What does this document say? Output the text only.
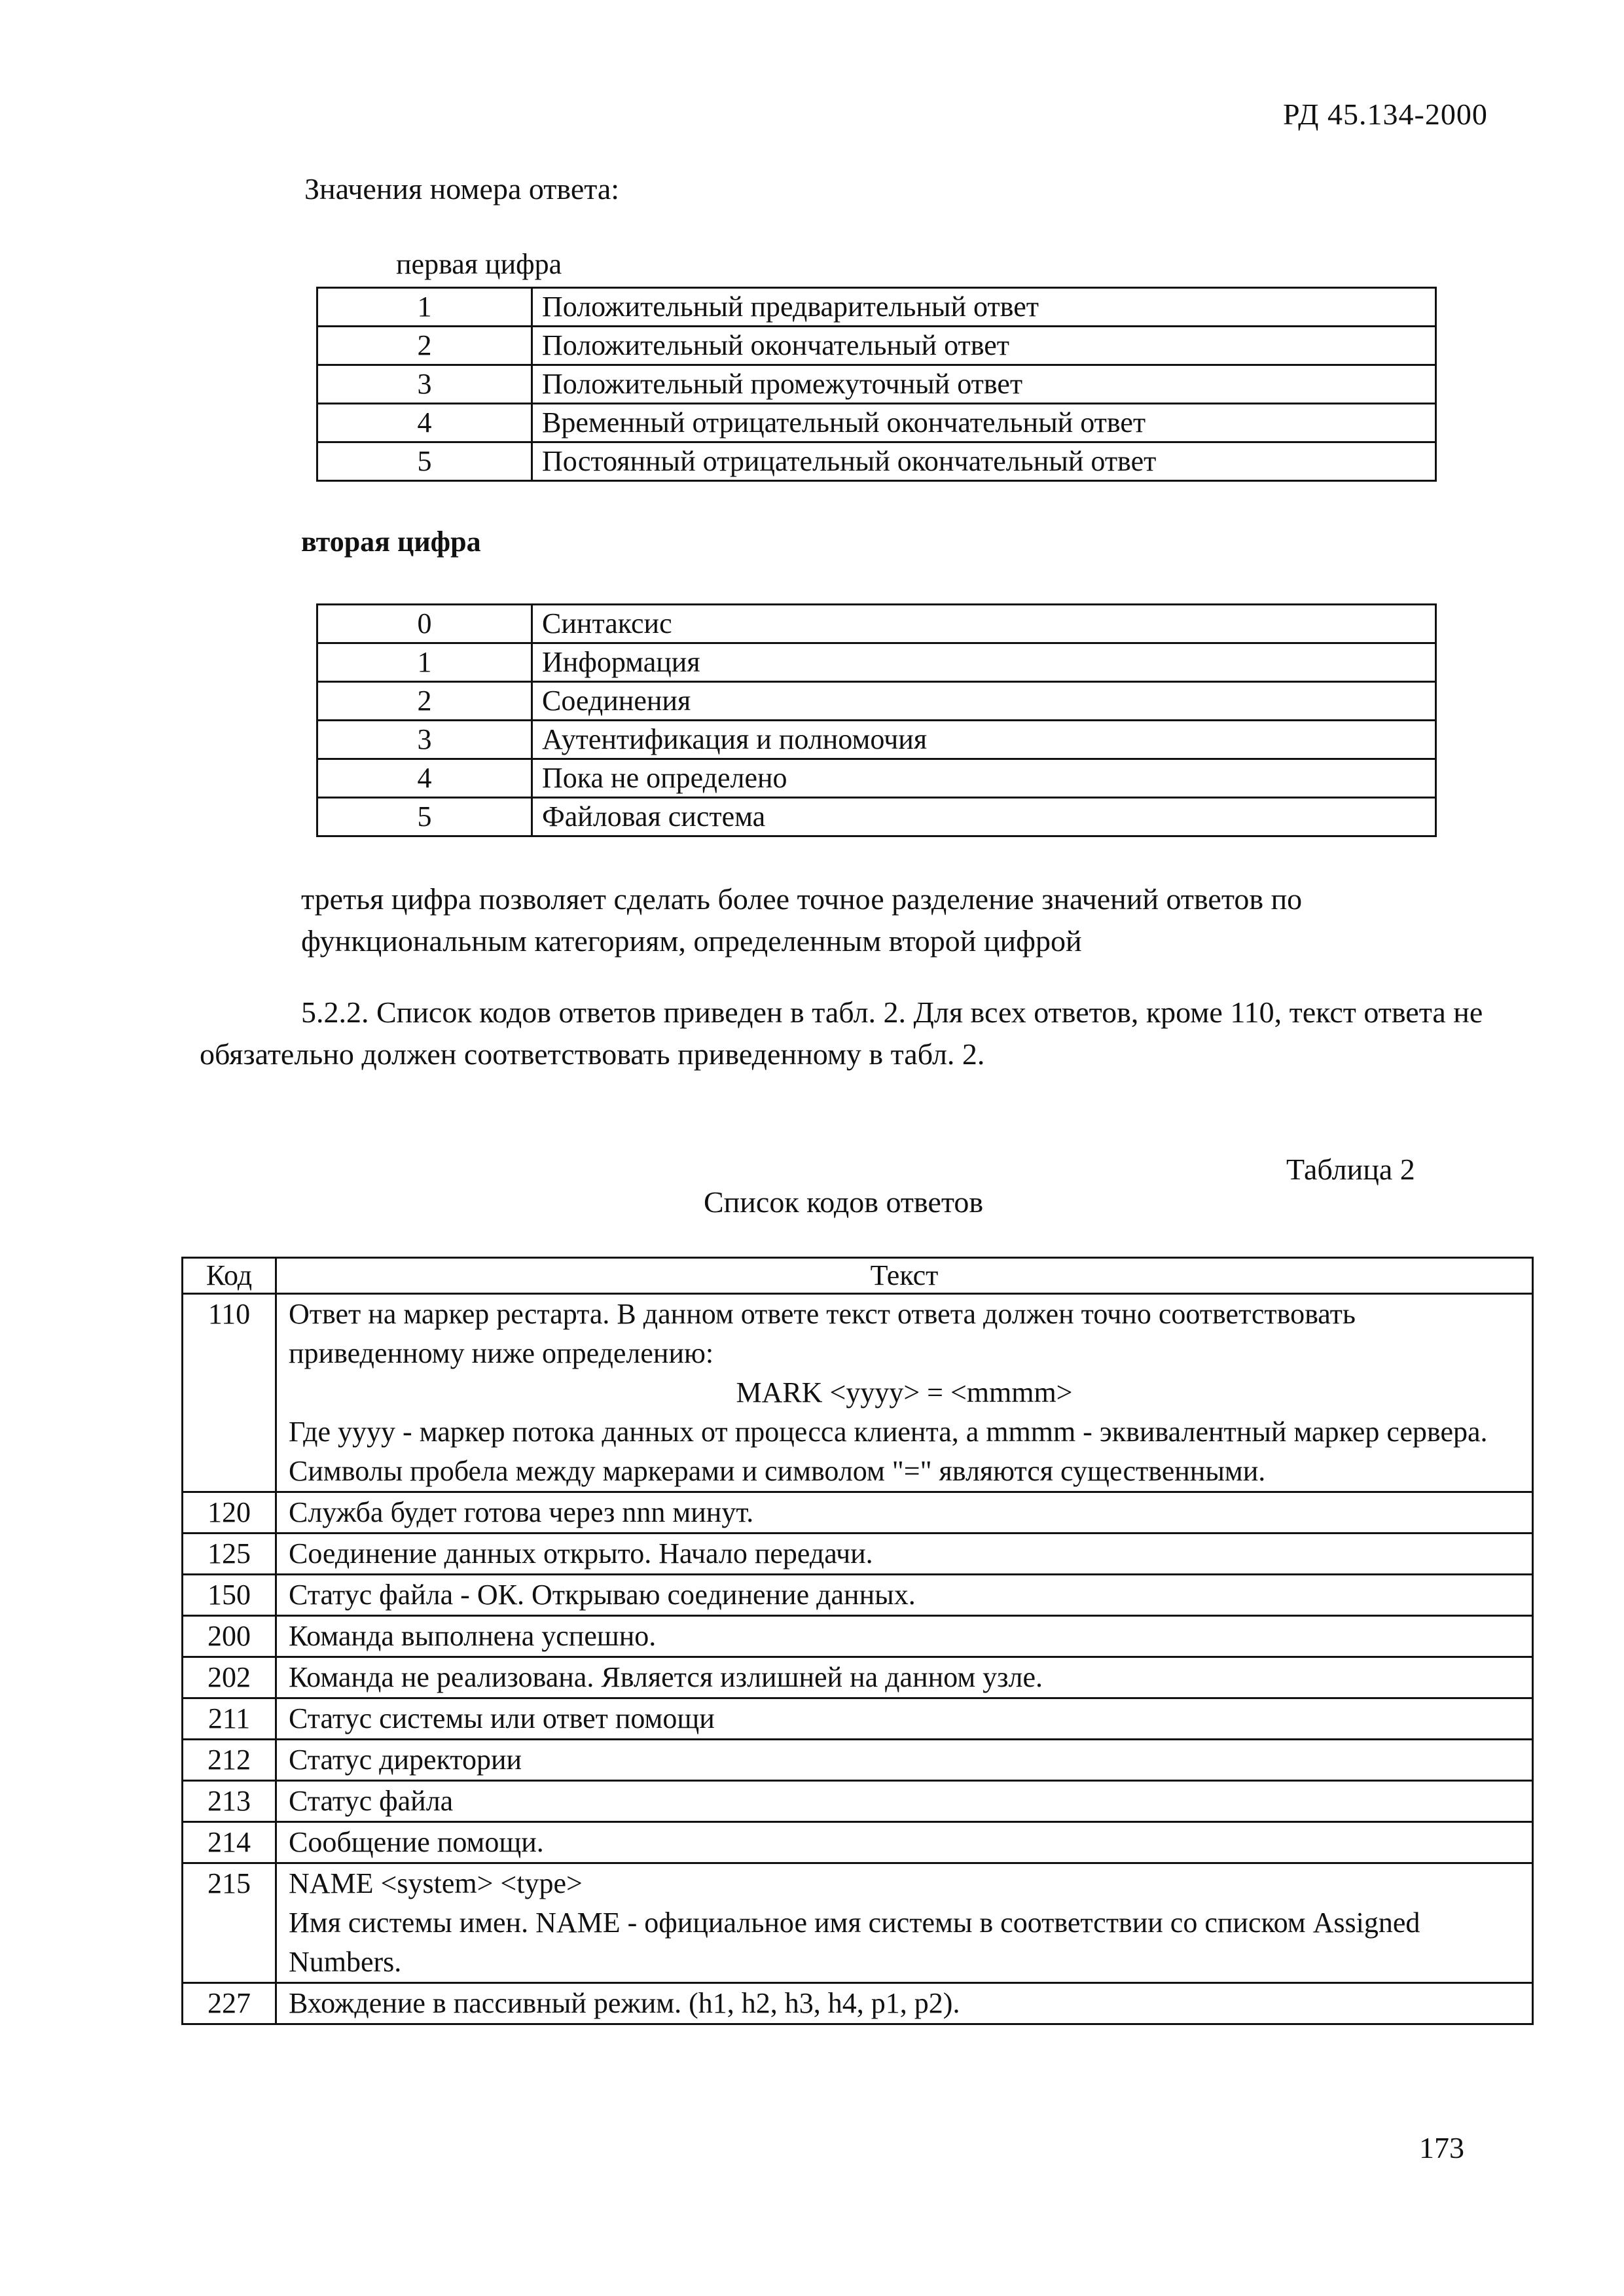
РД 45.134-2000
Значения номера ответа:
первая цифра
1	Положительный предварительный ответ
2	Положительный окончательный ответ
3	Положительный промежуточный ответ
4	Временный отрицательный окончательный ответ
5	Постоянный отрицательный окончательный ответ
вторая цифра
0	Синтаксис
1	Информация
2	Соединения
3	Аутентификация и полномочия
4	Пока не определено
5	Файловая система
третья цифра позволяет сделать более точное разделение значений ответов по функциональным категориям, определенным второй цифрой
5.2.2. Список кодов ответов приведен в табл. 2. Для всех ответов, кроме 110, текст ответа не обязательно должен соответствовать приведенному в табл. 2.
Таблица 2
Список кодов ответов
Код	Текст
110	Ответ на маркер рестарта. В данном ответе текст ответа должен точно соответствовать приведенному ниже определению:
MARK <yyyy> = <mmmm>
Где yyyy - маркер потока данных от процесса клиента, а mmmm - эквивалентный маркер сервера.
Символы пробела между маркерами и символом "=" являются существенными.
120	Служба будет готова через nnn минут.
125	Соединение данных открыто. Начало передачи.
150	Статус файла - ОК. Открываю соединение данных.
200	Команда выполнена успешно.
202	Команда не реализована. Является излишней на данном узле.
211	Статус системы или ответ помощи
212	Статус директории
213	Статус файла
214	Сообщение помощи.
215	NAME <system> <type>
Имя системы имен. NAME - официальное имя системы в соответствии со списком Assigned Numbers.
227	Вхождение в пассивный режим. (h1, h2, h3, h4, p1, p2).
173
